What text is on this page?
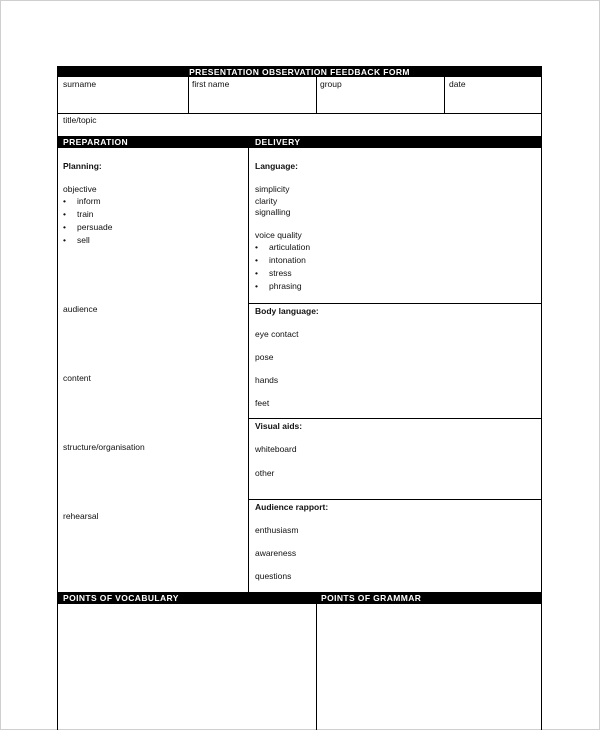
PRESENTATION OBSERVATION FEEDBACK FORM
surname	first name	group	date
title/topic
PREPARATION	DELIVERY
Planning:
objective
• inform
• train
• persuade
• sell
audience
content
structure/organisation
rehearsal
Language:
simplicity
clarity
signalling
voice quality
• articulation
• intonation
• stress
• phrasing
Body language:
eye contact
pose
hands
feet
Visual aids:
whiteboard
other
Audience rapport:
enthusiasm
awareness
questions
POINTS OF VOCABULARY	POINTS OF GRAMMAR
